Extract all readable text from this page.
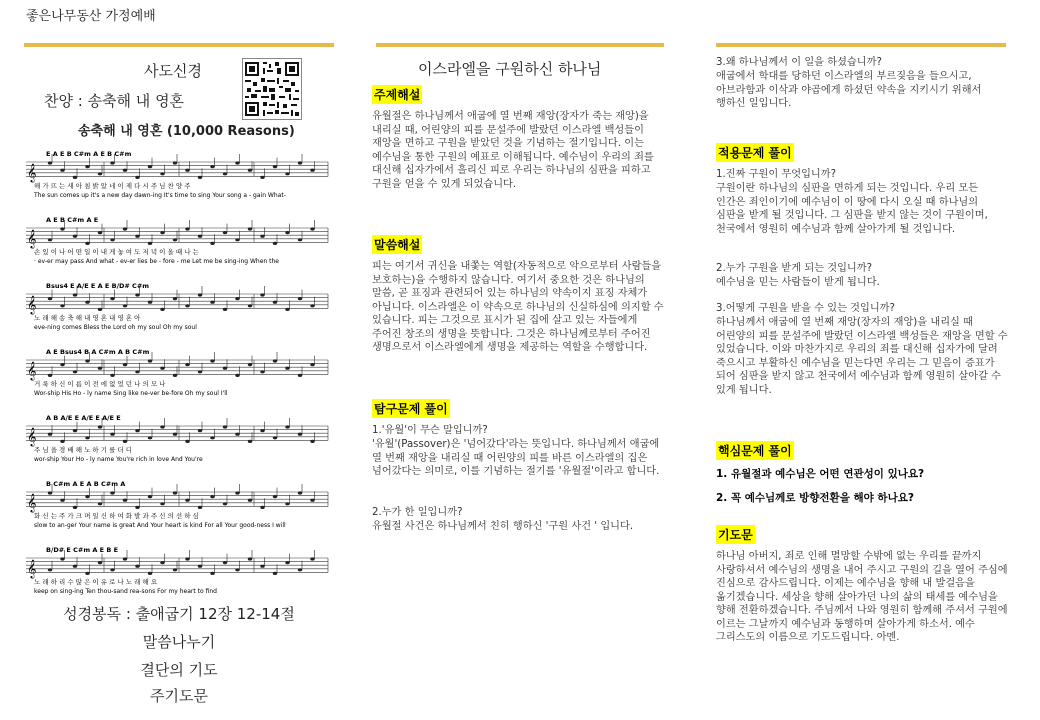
좋은나무동산 가정예배
사도신경
찬양 : 송축해 내 영혼
송축해 내 영혼 (10,000 Reasons)
E A E B C#m A E B C#m
𝄞
해 가 뜨 는 새 아 침 밝 았 네 이 제 다 시 주 님 찬 양 주
The sun comes up it's a new day dawn-ing It's time to sing Your song a - gain What-
A E B C#m A E
𝄞
손 있 이 나 어 떤 일 이 내 게 놓 여 도 저 녁 이 올 때 나 는
· ev-er may pass And what - ev-er lies be - fore - me Let me be sing-ing When the
Bsus4 E A/E E A E B/D# C#m
𝄞
노 래 해 송 축 해 내 영 혼 내 영 혼 아
eve-ning comes Bless the Lord oh my soul Oh my soul
A E Bsus4 B A C#m A B C#m
𝄞
거 룩 하 신 이 름 이 전 에 없 었 던 나 의 모 나
Wor-ship His Ho - ly name Sing like ne-ver be-fore Oh my soul I'll
A B A/E E A/E E A/E E
𝄞
주 님 을 경 배 해 노 하 기 를 더 디
wor-ship Your Ho - ly name You're rich in love And You're
B C#m A E A B C#m A
𝄞
화 신 는 주 가 크 며 일 신 하 여 화 발 과 주 신 의 선 하 심
slow to an-ger Your name is great And Your heart is kind For all Your good-ness I will
B/D# E C#m A E B E
𝄞
노 래 하 리 수 많 은 이 유 로 나 노 래 해 요
keep on sing-ing Ten thou-sand rea-sons For my heart to find
성경봉독 : 출애굽기 12장 12-14절
말씀나누기
결단의 기도
주기도문
이스라엘을 구원하신 하나님
주제해설
유월절은 하나님께서 애굽에 열 번째 재앙(장자가 죽는 재앙)을 내리실 때, 어린양의 피를 문설주에 발랐던 이스라엘 백성들이 재앙을 면하고 구원을 받았던 것을 기념하는 절기입니다. 이는 예수님을 통한 구원의 예표로 이해됩니다. 예수님이 우리의 죄를 대신해 십자가에서 흘리신 피로 우리는 하나님의 심판을 피하고 구원을 얻을 수 있게 되었습니다.
말씀해설
피는 여기서 귀신을 내쫓는 역할(자동적으로 악으로부터 사람들을 보호하는)을 수행하지 않습니다. 여기서 중요한 것은 하나님의 말씀, 곧 표징과 관련되어 있는 하나님의 약속이지 표징 자체가 아닙니다. 이스라엘은 이 약속으로 하나님의 신실하심에 의지할 수 있습니다. 피는 그것으로 표시가 된 집에 살고 있는 자들에게 주어진 창조의 생명을 뜻합니다. 그것은 하나님께로부터 주어진 생명으로서 이스라엘에게 생명을 제공하는 역할을 수행합니다.
탐구문제 풀이
1.'유월'이 무슨 말입니까?
'유월'(Passover)은 '넘어갔다'라는 뜻입니다. 하나님께서 애굽에 열 번째 재앙을 내리실 때 어린양의 피를 바른 이스라엘의 집은 넘어갔다는 의미로, 이를 기념하는 절기를 '유월절'이라고 합니다.
2.누가 한 일입니까?
유월절 사건은 하나님께서 친히 행하신 '구원 사건 ' 입니다.
3.왜 하나님께서 이 일을 하셨습니까?
애굽에서 학대를 당하던 이스라엘의 부르짖음을 들으시고, 아브라함과 이삭과 야곱에게 하셨던 약속을 지키시기 위해서 행하신 일입니다.
적용문제 풀이
1.진짜 구원이 무엇입니까?
구원이란 하나님의 심판을 면하게 되는 것입니다. 우리 모든 인간은 죄인이기에 예수님이 이 땅에 다시 오실 때 하나님의 심판을 받게 될 것입니다. 그 심판을 받지 않는 것이 구원이며, 천국에서 영원히 예수님과 함께 살아가게 될 것입니다.
2.누가 구원을 받게 되는 것입니까?
예수님을 믿는 사람들이 받게 됩니다.
3.어떻게 구원을 받을 수 있는 것입니까?
하나님께서 애굽에 열 번째 재앙(장자의 재앙)을 내리실 때 어린양의 피를 문설주에 발랐던 이스라엘 백성들은 재앙을 면할 수 있었습니다. 이와 마찬가지로 우리의 죄를 대신해 십자가에 달려 죽으시고 부활하신 예수님을 믿는다면 우리는 그 믿음이 증표가 되어 심판을 받지 않고 천국에서 예수님과 함께 영원히 살아갈 수 있게 됩니다.
핵심문제 풀이
1. 유월절과 예수님은 어떤 연관성이 있나요?
2. 꼭 예수님께로 방향전환을 해야 하나요?
기도문
하나님 아버지, 죄로 인해 멸망할 수밖에 없는 우리를 끝까지 사랑하셔서 예수님의 생명을 내어 주시고 구원의 길을 열어 주심에 진심으로 감사드립니다. 이제는 예수님을 향해 내 발걸음을 옮기겠습니다. 세상을 향해 살아가던 나의 삶의 태세를 예수님을 향해 전환하겠습니다. 주님께서 나와 영원히 함께해 주셔서 구원에 이르는 그날까지 예수님과 동행하며 살아가게 하소서. 예수 그리스도의 이름으로 기도드립니다. 아멘.
